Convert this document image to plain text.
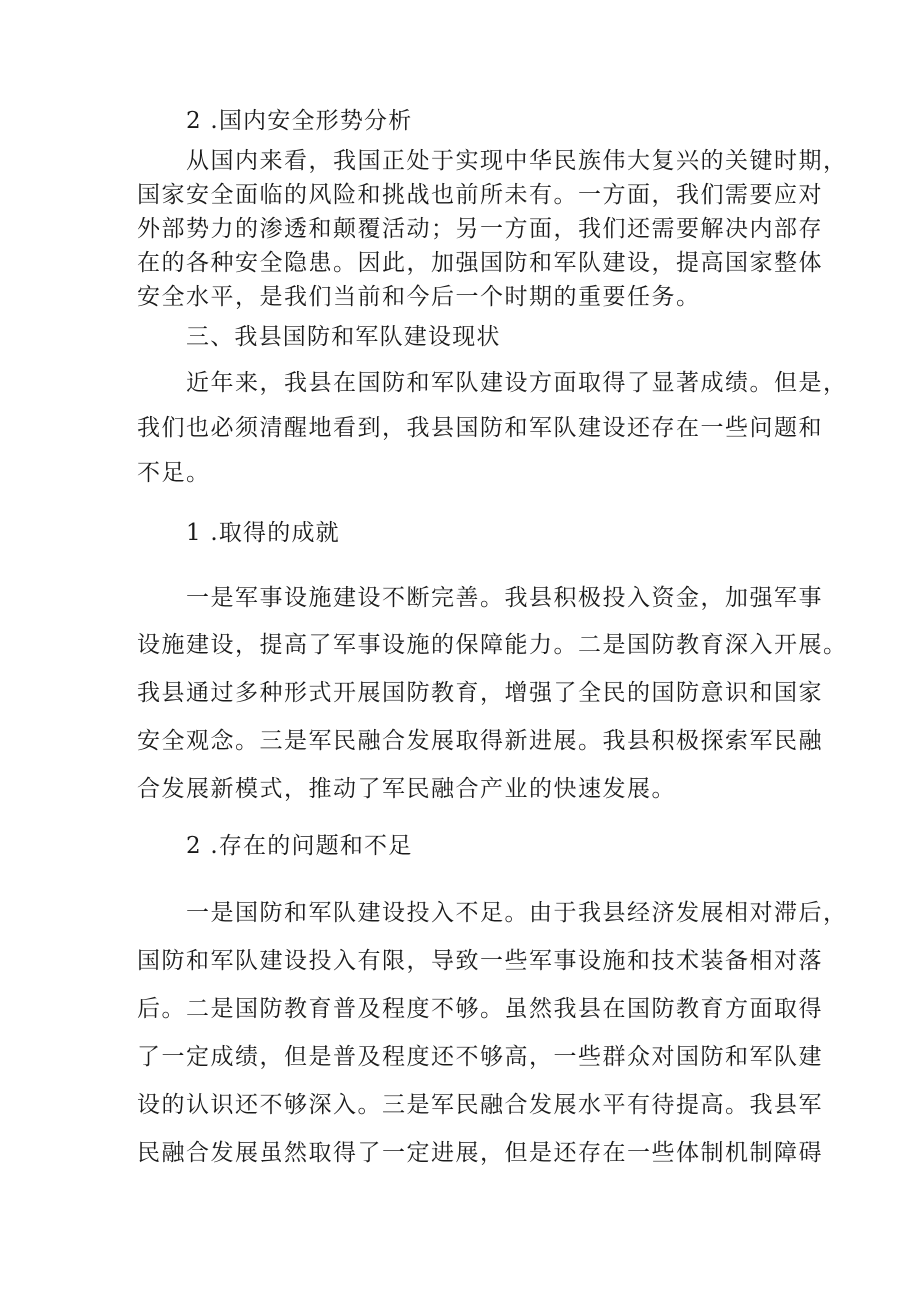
2 .国内安全形势分析
从国内来看，我国正处于实现中华民族伟大复兴的关键时期，
国家安全面临的风险和挑战也前所未有。一方面，我们需要应对
外部势力的渗透和颠覆活动；另一方面，我们还需要解决内部存
在的各种安全隐患。因此，加强国防和军队建设，提高国家整体
安全水平，是我们当前和今后一个时期的重要任务。
三、我县国防和军队建设现状
近年来，我县在国防和军队建设方面取得了显著成绩。但是，
我们也必须清醒地看到，我县国防和军队建设还存在一些问题和
不足。
1 .取得的成就
一是军事设施建设不断完善。我县积极投入资金，加强军事
设施建设，提高了军事设施的保障能力。二是国防教育深入开展。
我县通过多种形式开展国防教育，增强了全民的国防意识和国家
安全观念。三是军民融合发展取得新进展。我县积极探索军民融
合发展新模式，推动了军民融合产业的快速发展。
2 .存在的问题和不足
一是国防和军队建设投入不足。由于我县经济发展相对滞后，
国防和军队建设投入有限，导致一些军事设施和技术装备相对落
后。二是国防教育普及程度不够。虽然我县在国防教育方面取得
了一定成绩，但是普及程度还不够高，一些群众对国防和军队建
设的认识还不够深入。三是军民融合发展水平有待提高。我县军
民融合发展虽然取得了一定进展，但是还存在一些体制机制障碍
